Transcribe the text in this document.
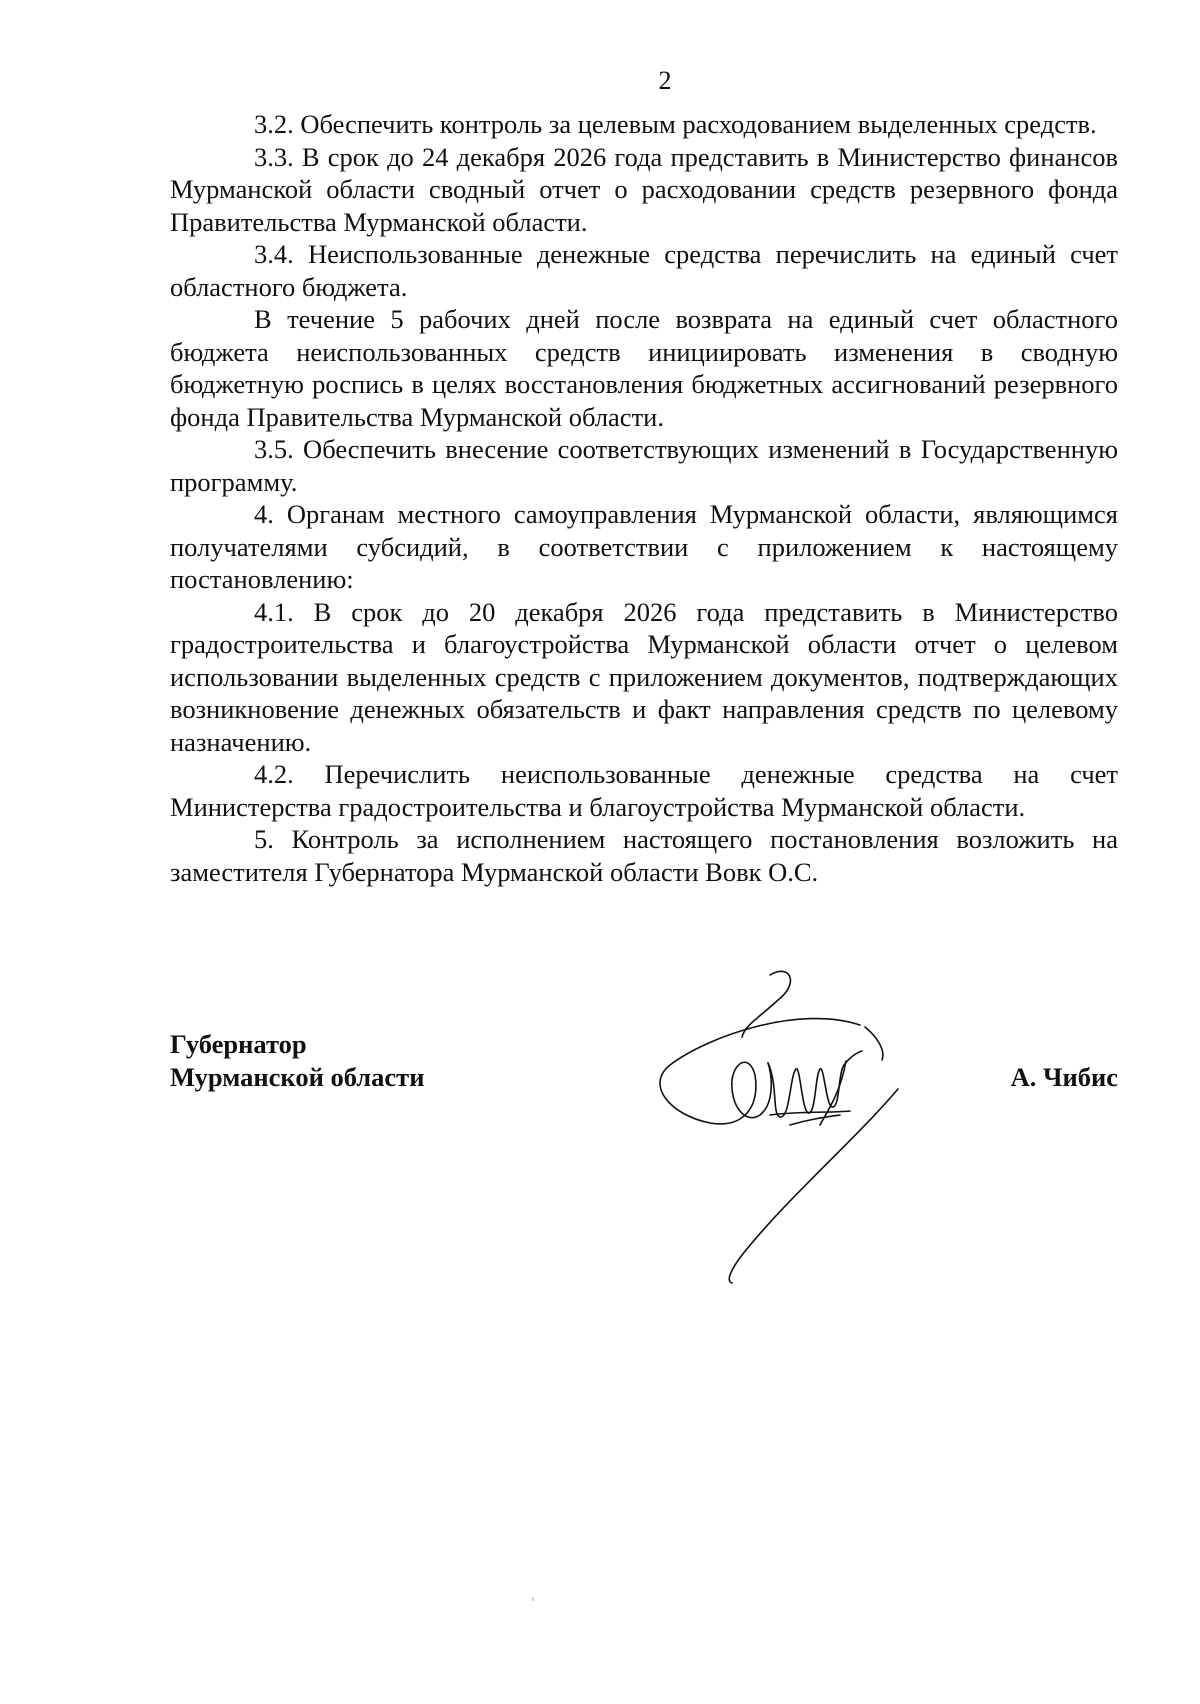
2

3.2. Обеспечить контроль за целевым расходованием выделенных средств.

3.3. В срок до 24 декабря 2026 года представить в Министерство финансов Мурманской области сводный отчет о расходовании средств резервного фонда Правительства Мурманской области.

3.4. Неиспользованные денежные средства перечислить на единый счет областного бюджета.

В течение 5 рабочих дней после возврата на единый счет областного бюджета неиспользованных средств инициировать изменения в сводную бюджетную роспись в целях восстановления бюджетных ассигнований резервного фонда Правительства Мурманской области.

3.5. Обеспечить внесение соответствующих изменений в Государственную программу.

4. Органам местного самоуправления Мурманской области, являющимся получателями субсидий, в соответствии с приложением к настоящему постановлению:

4.1. В срок до 20 декабря 2026 года представить в Министерство градостроительства и благоустройства Мурманской области отчет о целевом использовании выделенных средств с приложением документов, подтверждающих возникновение денежных обязательств и факт направления средств по целевому назначению.

4.2. Перечислить неиспользованные денежные средства на счет Министерства градостроительства и благоустройства Мурманской области.

5. Контроль за исполнением настоящего постановления возложить на заместителя Губернатора Мурманской области Вовк О.С.

Губернатор
Мурманской области	А. Чибис
